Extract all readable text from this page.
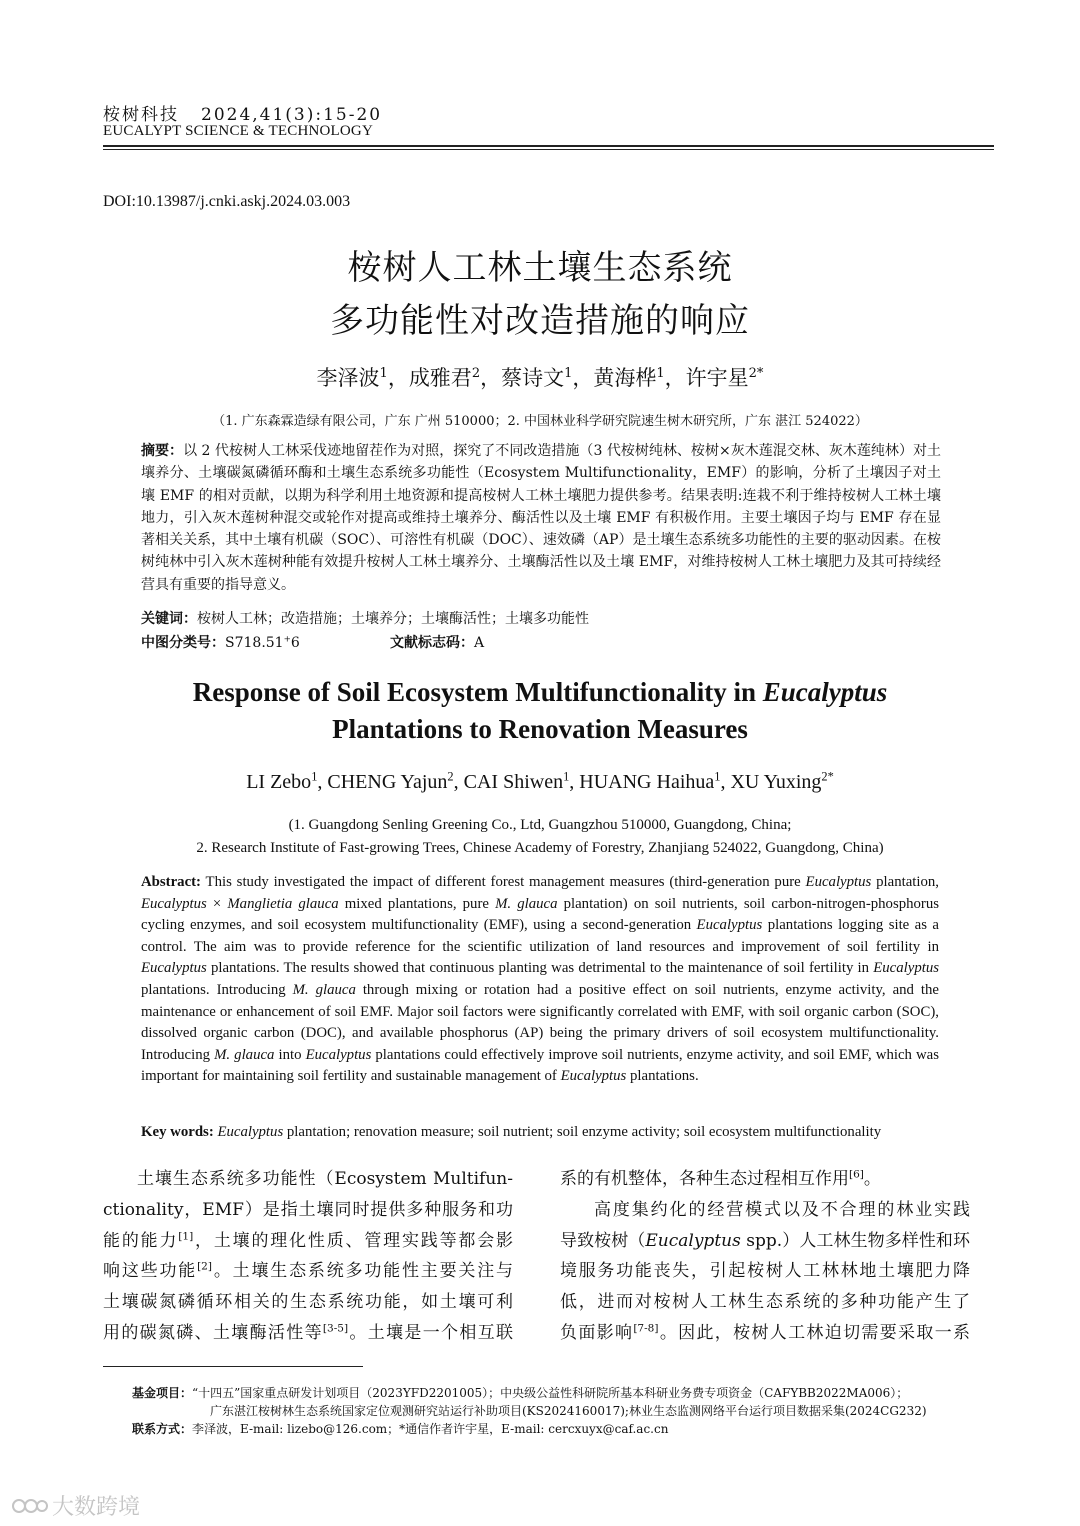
桉树科技 2024,41(3):15-20
EUCALYPT SCIENCE & TECHNOLOGY
DOI:10.13987/j.cnki.askj.2024.03.003
桉树人工林土壤生态系统
多功能性对改造措施的响应
李泽波$^1$，成雅君$^2$，蔡诗文$^1$，黄海桦$^1$，许宇星$^{2*}$
（1. 广东森霖造绿有限公司，广东 广州 510000；2. 中国林业科学研究院速生树木研究所，广东 湛江 524022）
摘要：以 2 代桉树人工林采伐迹地留茬作为对照，探究了不同改造措施（3 代桉树纯林、桉树×灰木莲混交林、灰木莲纯林）对土壤养分、土壤碳氮磷循环酶和土壤生态系统多功能性（Ecosystem Multifunctionality，EMF）的影响，分析了土壤因子对土壤 EMF 的相对贡献，以期为科学利用土地资源和提高桉树人工林土壤肥力提供参考。结果表明:连栽不利于维持桉树人工林土壤地力，引入灰木莲树种混交或轮作对提高或维持土壤养分、酶活性以及土壤 EMF 有积极作用。主要土壤因子均与 EMF 存在显著相关关系，其中土壤有机碳（SOC）、可溶性有机碳（DOC）、速效磷（AP）是土壤生态系统多功能性的主要的驱动因素。在桉树纯林中引入灰木莲树种能有效提升桉树人工林土壤养分、土壤酶活性以及土壤 EMF，对维持桉树人工林土壤肥力及其可持续经营具有重要的指导意义。
关键词：桉树人工林；改造措施；土壤养分；土壤酶活性；土壤多功能性
中图分类号：S718.51+6	文献标志码：A
Response of Soil Ecosystem Multifunctionality in Eucalyptus
Plantations to Renovation Measures
LI Zebo$^1$, CHENG Yajun$^2$, CAI Shiwen$^1$, HUANG Haihua$^1$, XU Yuxing$^{2*}$
(1. Guangdong Senling Greening Co., Ltd, Guangzhou 510000, Guangdong, China;
2. Research Institute of Fast-growing Trees, Chinese Academy of Forestry, Zhanjiang 524022, Guangdong, China)
Abstract: This study investigated the impact of different forest management measures (third-generation pure Eucalyptus plantation, Eucalyptus × Manglietia glauca mixed plantations, pure M. glauca plantation) on soil nutrients, soil carbon-nitrogen-phosphorus cycling enzymes, and soil ecosystem multifunctionality (EMF), using a second-generation Eucalyptus plantations logging site as a control. The aim was to provide reference for the scientific utilization of land resources and improvement of soil fertility in Eucalyptus plantations. The results showed that continuous planting was detrimental to the maintenance of soil fertility in Eucalyptus plantations. Introducing M. glauca through mixing or rotation had a positive effect on soil nutrients, enzyme activity, and the maintenance or enhancement of soil EMF. Major soil factors were significantly correlated with EMF, with soil organic carbon (SOC), dissolved organic carbon (DOC), and available phosphorus (AP) being the primary drivers of soil ecosystem multifunctionality. Introducing M. glauca into Eucalyptus plantations could effectively improve soil nutrients, enzyme activity, and soil EMF, which was important for maintaining soil fertility and sustainable management of Eucalyptus plantations.
Key words: Eucalyptus plantation; renovation measure; soil nutrient; soil enzyme activity; soil ecosystem multifunctionality
土壤生态系统多功能性（Ecosystem Multifun-
ctionality，EMF）是指土壤同时提供多种服务和功
能的能力[1]，土壤的理化性质、管理实践等都会影
响这些功能[2]。土壤生态系统多功能性主要关注与
土壤碳氮磷循环相关的生态系统功能，如土壤可利
用的碳氮磷、土壤酶活性等[3-5]。土壤是一个相互联
系的有机整体，各种生态过程相互作用[6]。
高度集约化的经营模式以及不合理的林业实践
导致桉树（Eucalyptus spp.）人工林生物多样性和环
境服务功能丧失，引起桉树人工林林地土壤肥力降
低，进而对桉树人工林生态系统的多种功能产生了
负面影响[7-8]。因此，桉树人工林迫切需要采取一系
基金项目：“十四五”国家重点研发计划项目（2023YFD2201005）；中央级公益性科研院所基本科研业务费专项资金（CAFYBB2022MA006）；
广东湛江桉树林生态系统国家定位观测研究站运行补助项目(KS2024160017);林业生态监测网络平台运行项目数据采集(2024CG232)
联系方式：李泽波，E-mail: lizebo@126.com；*通信作者许宇星，E-mail: cercxuyx@caf.ac.cn
大数跨境
